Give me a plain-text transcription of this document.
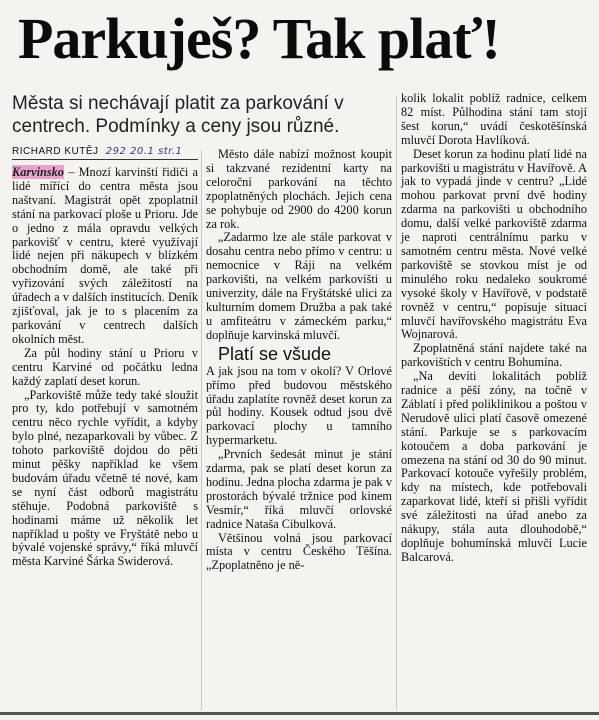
Parkuješ? Tak plať!

Města si nechávají platit za parkování v centrech. Podmínky a ceny jsou různé.

RICHARD KUTĚJ 292 20.1 str.1

Karvinsko – Mnozí karvinští řidiči a lidé mířící do centra města jsou naštvaní. Magistrát opět zpoplatnil stání na parkovací ploše u Prioru. Jde o jedno z mála opravdu velkých parkovišť v centru, které využívají lidé nejen při nákupech v blízkém obchodním domě, ale také při vyřizování svých záležitostí na úřadech a v dalších institucích. Deník zjišťoval, jak je to s placením za parkování v centrech dalších okolních měst.

Za půl hodiny stání u Prioru v centru Karviné od počátku ledna každý zaplatí deset korun.

„Parkoviště může tedy také sloužit pro ty, kdo potřebují v samotném centru něco rychle vyřídit, a kdyby bylo plné, nezaparkovali by vůbec. Z tohoto parkoviště dojdou do pěti minut pěšky například ke všem budovám úřadu včetně té nové, kam se nyní část odborů magistrátu stěhuje. Podobná parkoviště s hodinami máme už několik let například u pošty ve Fryštátě nebo u bývalé vojenské správy,“ říká mluvčí města Karviné Šárka Swiderová.

Město dále nabízí možnost koupit si takzvané rezidentní karty na celoroční parkování na těchto zpoplatněných plochách. Jejich cena se pohybuje od 2900 do 4200 korun za rok.

„Zadarmo lze ale stále parkovat v dosahu centra nebo přímo v centru: u nemocnice v Ráji na velkém parkovišti, na velkém parkovišti u univerzity, dále na Fryštátské ulici za kulturním domem Družba a pak také u amfiteátru v zámeckém parku,“ doplňuje karvinská mluvčí.

Platí se všude

A jak jsou na tom v okolí? V Orlové přímo před budovou městského úřadu zaplatíte rovněž deset korun za půl hodiny. Kousek odtud jsou dvě parkovací plochy u tamního hypermarketu.

„Prvních šedesát minut je stání zdarma, pak se platí deset korun za hodinu. Jedna plocha zdarma je pak v prostorách bývalé tržnice pod kinem Vesmír,“ říká mluvčí orlovské radnice Nataša Cibulková.

Většinou volná jsou parkovací místa v centru Českého Těšína. „Zpoplatněno je ně-

kolik lokalit poblíž radnice, celkem 82 míst. Půlhodina stání tam stojí šest korun,“ uvádí českotěšínská mluvčí Dorota Havlíková.

Deset korun za hodinu platí lidé na parkovišti u magistrátu v Havířově. A jak to vypadá jinde v centru? „Lidé mohou parkovat první dvě hodiny zdarma na parkovišti u obchodního domu, další velké parkoviště zdarma je naproti centrálnímu parku v samotném centru města. Nové velké parkoviště se stovkou míst je od minulého roku nedaleko soukromé vysoké školy v Havířově, v podstatě rovněž v centru,“ popisuje situaci mluvčí havířovského magistrátu Eva Wojnarová.

Zpoplatněná stání najdete také na parkovištích v centru Bohumína.

„Na devíti lokalitách poblíž radnice a pěší zóny, na točně v Záblatí i před poliklinikou a poštou v Nerudově ulici platí časově omezené stání. Parkuje se s parkovacím kotoučem a doba parkování je omezena na stání od 30 do 90 minut. Parkovací kotouče vyřešily problém, kdy na místech, kde potřebovali zaparkovat lidé, kteří si přišli vyřídit své záležitosti na úřad anebo za nákupy, stála auta dlouhodobě,“ doplňuje bohumínská mluvčí Lucie Balcarová.
